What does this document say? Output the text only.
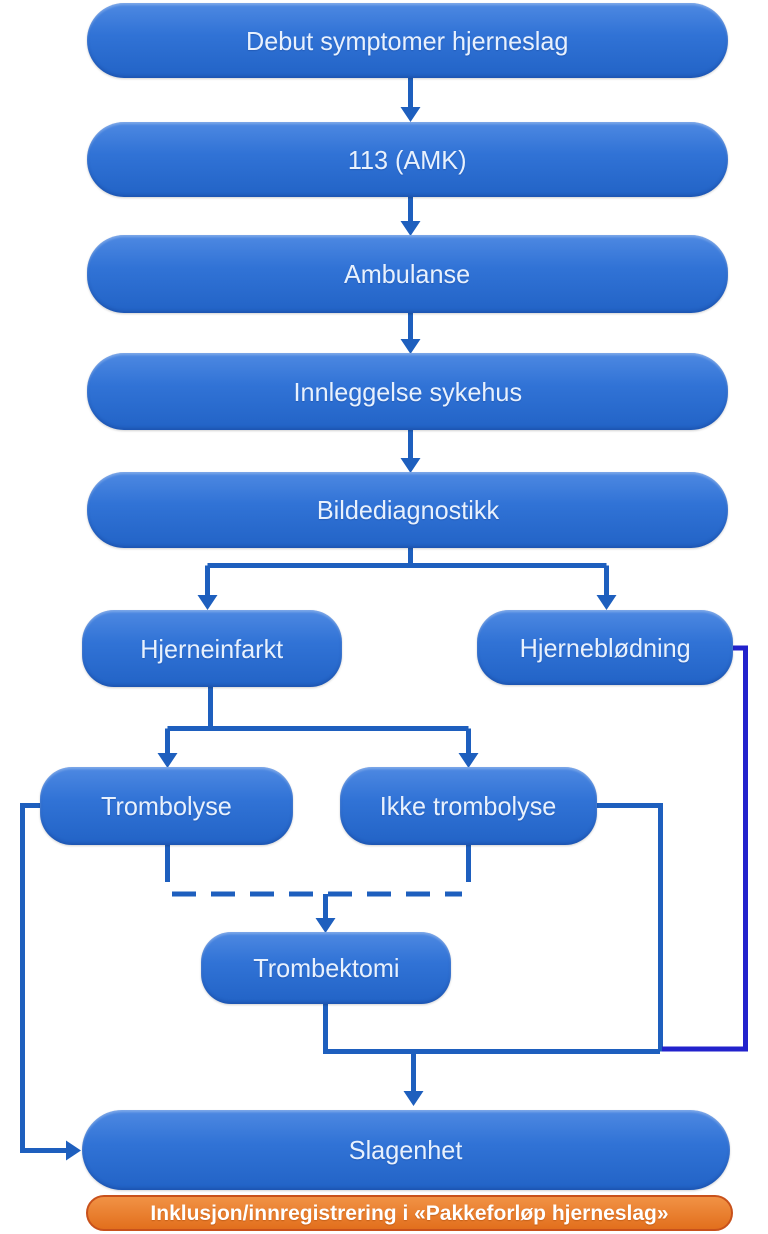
Debut symptomer hjerneslag
113 (AMK)
Ambulanse
Innleggelse sykehus
Bildediagnostikk
Hjerneinfarkt	Hjerneblødning
Trombolyse	Ikke trombolyse
Trombektomi
Slagenhet
Inklusjon/innregistrering i «Pakkeforløp hjerneslag»
